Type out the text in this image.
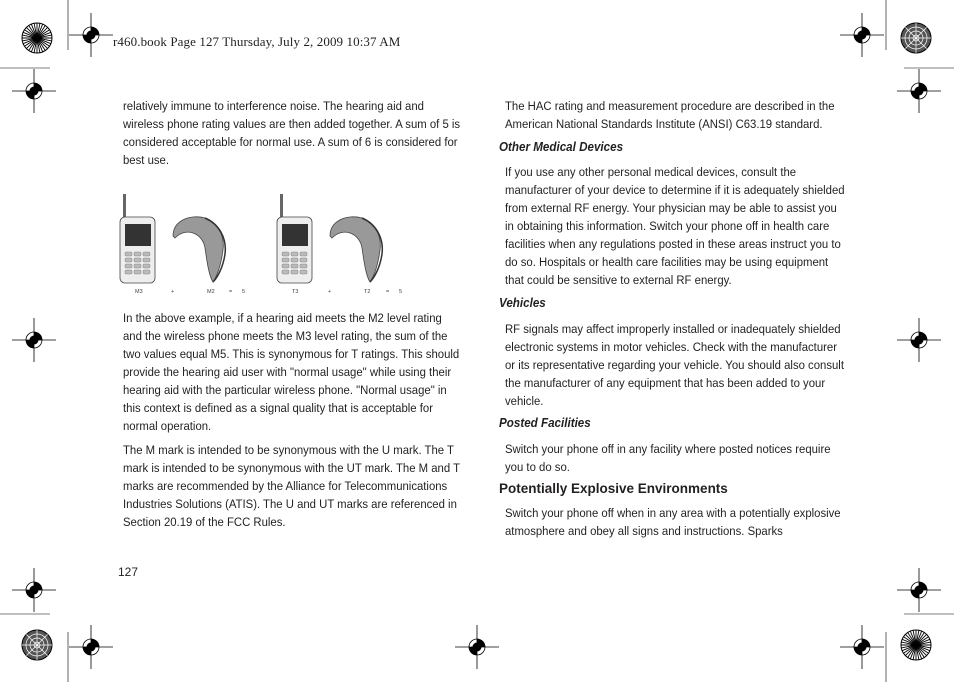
r460.book Page 127 Thursday, July 2, 2009 10:37 AM

relatively immune to interference noise. The hearing aid and wireless phone rating values are then added together. A sum of 5 is considered acceptable for normal use. A sum of 6 is considered for best use.

M3	+	M2	= 5	T3	+	T2	= 5

In the above example, if a hearing aid meets the M2 level rating and the wireless phone meets the M3 level rating, the sum of the two values equal M5. This is synonymous for T ratings. This should provide the hearing aid user with "normal usage" while using their hearing aid with the particular wireless phone. "Normal usage" in this context is defined as a signal quality that is acceptable for normal operation.

The M mark is intended to be synonymous with the U mark. The T mark is intended to be synonymous with the UT mark. The M and T marks are recommended by the Alliance for Telecommunications Industries Solutions (ATIS). The U and UT marks are referenced in Section 20.19 of the FCC Rules.

The HAC rating and measurement procedure are described in the American National Standards Institute (ANSI) C63.19 standard.

Other Medical Devices

If you use any other personal medical devices, consult the manufacturer of your device to determine if it is adequately shielded from external RF energy. Your physician may be able to assist you in obtaining this information. Switch your phone off in health care facilities when any regulations posted in these areas instruct you to do so. Hospitals or health care facilities may be using equipment that could be sensitive to external RF energy.

Vehicles

RF signals may affect improperly installed or inadequately shielded electronic systems in motor vehicles. Check with the manufacturer or its representative regarding your vehicle. You should also consult the manufacturer of any equipment that has been added to your vehicle.

Posted Facilities

Switch your phone off in any facility where posted notices require you to do so.

Potentially Explosive Environments

Switch your phone off when in any area with a potentially explosive atmosphere and obey all signs and instructions. Sparks

127
